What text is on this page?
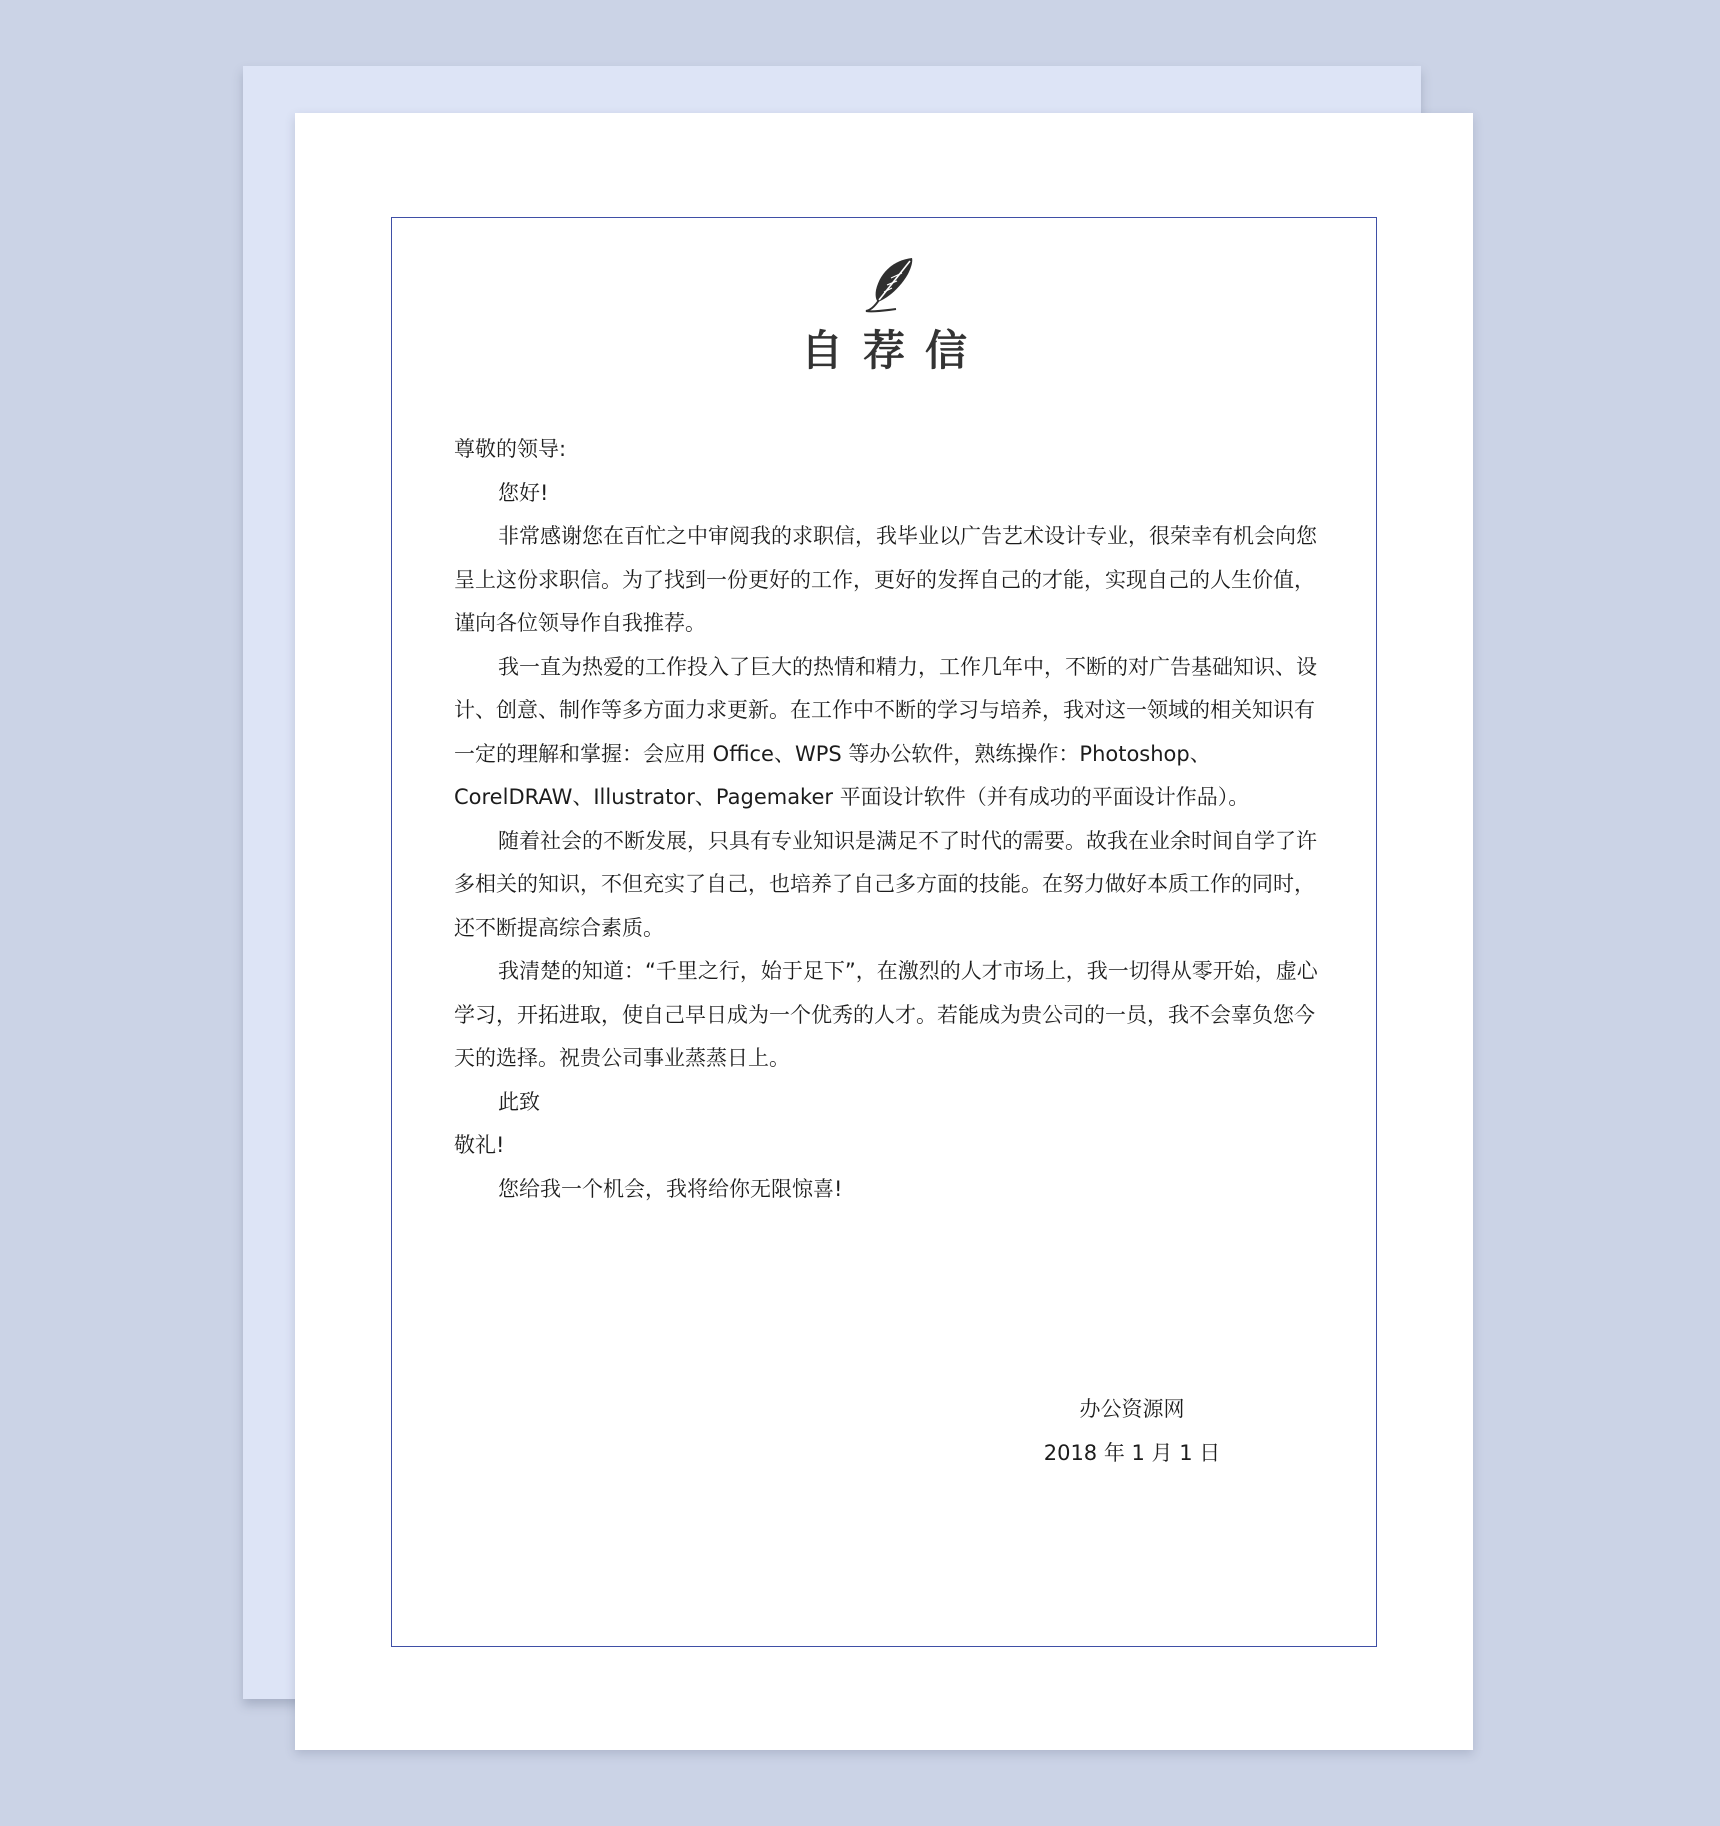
自荐信

尊敬的领导:

您好!

非常感谢您在百忙之中审阅我的求职信，我毕业以广告艺术设计专业，很荣幸有机会向您呈上这份求职信。为了找到一份更好的工作，更好的发挥自己的才能，实现自己的人生价值，谨向各位领导作自我推荐。

我一直为热爱的工作投入了巨大的热情和精力，工作几年中，不断的对广告基础知识、设计、创意、制作等多方面力求更新。在工作中不断的学习与培养，我对这一领域的相关知识有一定的理解和掌握：会应用 Office、WPS 等办公软件，熟练操作：Photoshop、CorelDRAW、Illustrator、Pagemaker 平面设计软件（并有成功的平面设计作品）。

随着社会的不断发展，只具有专业知识是满足不了时代的需要。故我在业余时间自学了许多相关的知识，不但充实了自己，也培养了自己多方面的技能。在努力做好本质工作的同时，还不断提高综合素质。

我清楚的知道：“千里之行，始于足下”，在激烈的人才市场上，我一切得从零开始，虚心学习，开拓进取，使自己早日成为一个优秀的人才。若能成为贵公司的一员，我不会辜负您今天的选择。祝贵公司事业蒸蒸日上。

此致

敬礼!

您给我一个机会，我将给你无限惊喜!

办公资源网

2018 年 1 月 1 日
